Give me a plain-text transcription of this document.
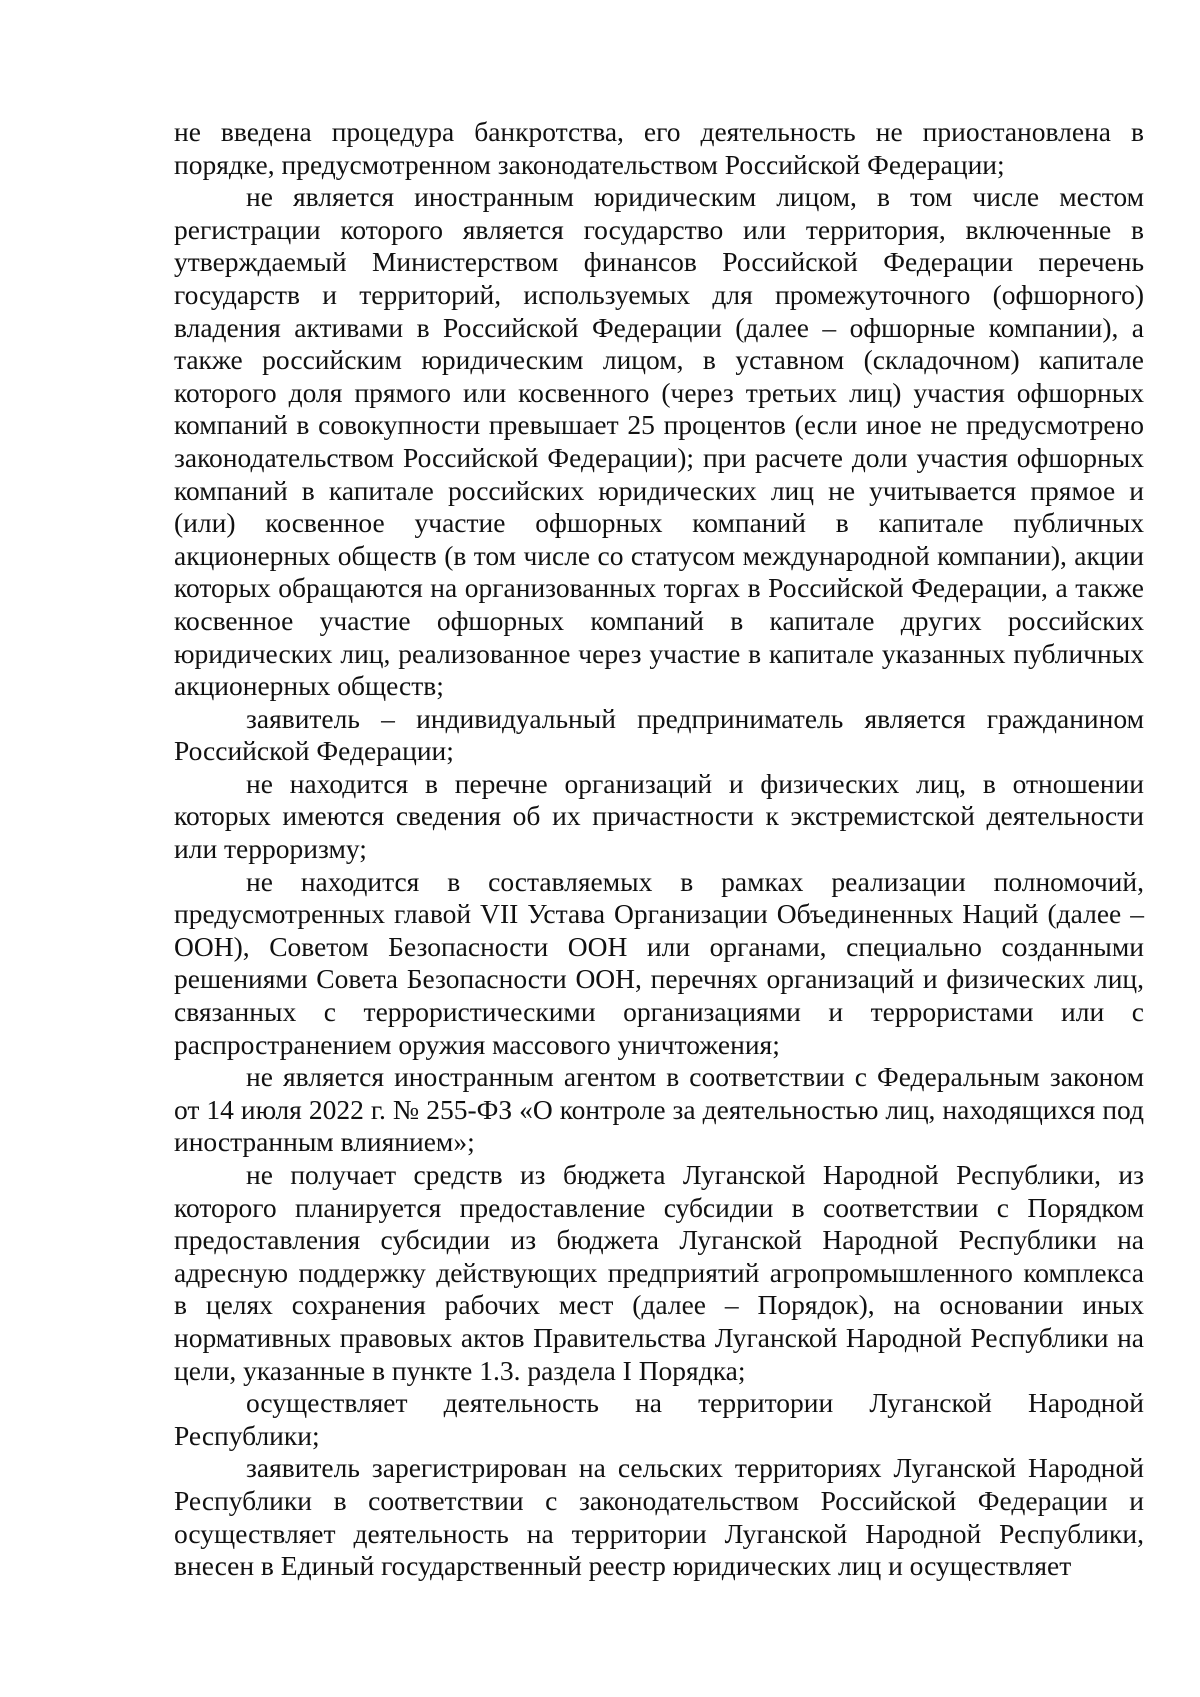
не введена процедура банкротства, его деятельность не приостановлена в порядке, предусмотренном законодательством Российской Федерации;

не является иностранным юридическим лицом, в том числе местом регистрации которого является государство или территория, включенные в утверждаемый Министерством финансов Российской Федерации перечень государств и территорий, используемых для промежуточного (офшорного) владения активами в Российской Федерации (далее – офшорные компании), а также российским юридическим лицом, в уставном (складочном) капитале которого доля прямого или косвенного (через третьих лиц) участия офшорных компаний в совокупности превышает 25 процентов (если иное не предусмотрено законодательством Российской Федерации); при расчете доли участия офшорных компаний в капитале российских юридических лиц не учитывается прямое и (или) косвенное участие офшорных компаний в капитале публичных акционерных обществ (в том числе со статусом международной компании), акции которых обращаются на организованных торгах в Российской Федерации, а также косвенное участие офшорных компаний в капитале других российских юридических лиц, реализованное через участие в капитале указанных публичных акционерных обществ;

заявитель – индивидуальный предприниматель является гражданином Российской Федерации;

не находится в перечне организаций и физических лиц, в отношении которых имеются сведения об их причастности к экстремистской деятельности или терроризму;

не находится в составляемых в рамках реализации полномочий, предусмотренных главой VII Устава Организации Объединенных Наций (далее – ООН), Советом Безопасности ООН или органами, специально созданными решениями Совета Безопасности ООН, перечнях организаций и физических лиц, связанных с террористическими организациями и террористами или с распространением оружия массового уничтожения;

не является иностранным агентом в соответствии с Федеральным законом от 14 июля 2022 г. № 255-ФЗ «О контроле за деятельностью лиц, находящихся под иностранным влиянием»;

не получает средств из бюджета Луганской Народной Республики, из которого планируется предоставление субсидии в соответствии с Порядком предоставления субсидии из бюджета Луганской Народной Республики на адресную поддержку действующих предприятий агропромышленного комплекса в целях сохранения рабочих мест (далее – Порядок), на основании иных нормативных правовых актов Правительства Луганской Народной Республики на цели, указанные в пункте 1.3. раздела I Порядка;

осуществляет деятельность на территории Луганской Народной Республики;

заявитель зарегистрирован на сельских территориях Луганской Народной Республики в соответствии с законодательством Российской Федерации и осуществляет деятельность на территории Луганской Народной Республики, внесен в Единый государственный реестр юридических лиц и осуществляет
